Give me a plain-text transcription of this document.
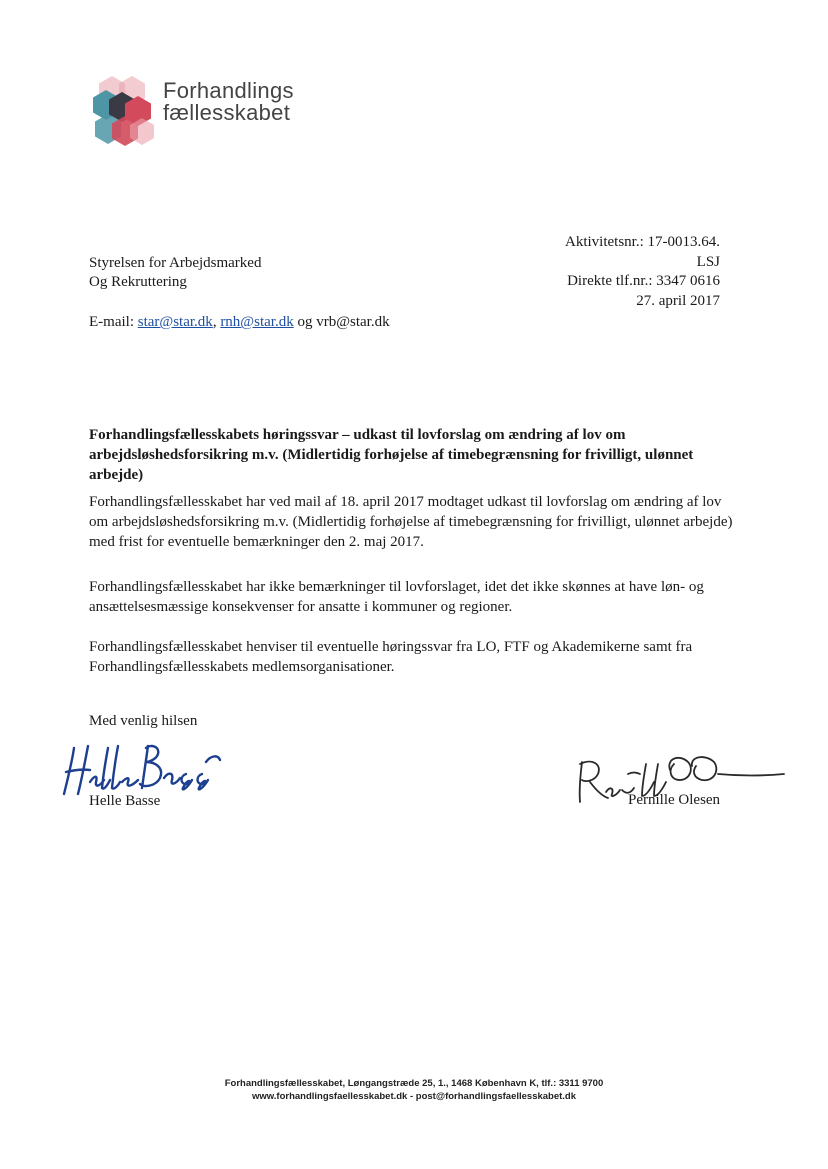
Forhandlings
fællesskabet
Styrelsen for Arbejdsmarked
Og Rekruttering
Aktivitetsnr.: 17-0013.64.
LSJ
Direkte tlf.nr.: 3347 0616
27. april 2017
E-mail: star@star.dk, rnh@star.dk og vrb@star.dk
Forhandlingsfællesskabets høringssvar – udkast til lovforslag om ændring af lov om arbejdsløshedsforsikring m.v. (Midlertidig forhøjelse af timebegrænsning for frivilligt, ulønnet arbejde)
Forhandlingsfællesskabet har ved mail af 18. april 2017 modtaget udkast til lovforslag om ændring af lov om arbejdsløshedsforsikring m.v. (Midlertidig forhøjelse af timebegrænsning for frivilligt, ulønnet arbejde) med frist for eventuelle bemærkninger den 2. maj 2017.
Forhandlingsfællesskabet har ikke bemærkninger til lovforslaget, idet det ikke skønnes at have løn- og ansættelsesmæssige konsekvenser for ansatte i kommuner og regioner.
Forhandlingsfællesskabet henviser til eventuelle høringssvar fra LO, FTF og Akademikerne samt fra Forhandlingsfællesskabets medlemsorganisationer.
Med venlig hilsen
Helle Basse	Pernille Olesen
Forhandlingsfællesskabet, Løngangstræde 25, 1., 1468 København K, tlf.: 3311 9700
www.forhandlingsfaellesskabet.dk - post@forhandlingsfaellesskabet.dk
